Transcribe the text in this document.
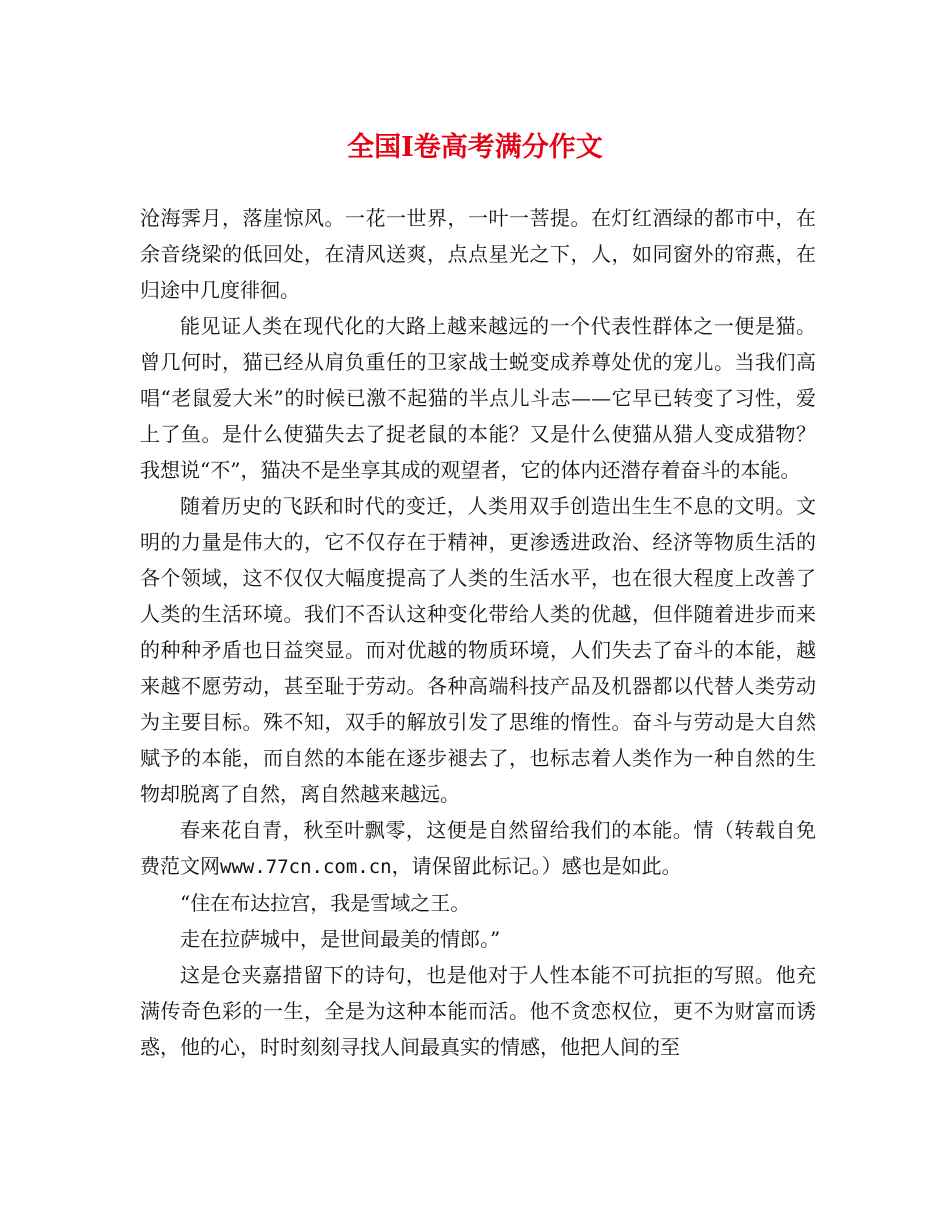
全国Ⅰ卷高考满分作文

沧海霁月，落崖惊风。一花一世界，一叶一菩提。在灯红酒绿的都市中，在余音绕梁的低回处，在清风送爽，点点星光之下，人，如同窗外的帘燕，在归途中几度徘徊。

能见证人类在现代化的大路上越来越远的一个代表性群体之一便是猫。曾几何时，猫已经从肩负重任的卫家战士蜕变成养尊处优的宠儿。当我们高唱“老鼠爱大米”的时候已激不起猫的半点儿斗志——它早已转变了习性，爱上了鱼。是什么使猫失去了捉老鼠的本能？又是什么使猫从猎人变成猎物？我想说“不”，猫决不是坐享其成的观望者，它的体内还潜存着奋斗的本能。

随着历史的飞跃和时代的变迁，人类用双手创造出生生不息的文明。文明的力量是伟大的，它不仅存在于精神，更渗透进政治、经济等物质生活的各个领域，这不仅仅大幅度提高了人类的生活水平，也在很大程度上改善了人类的生活环境。我们不否认这种变化带给人类的优越，但伴随着进步而来的种种矛盾也日益突显。而对优越的物质环境，人们失去了奋斗的本能，越来越不愿劳动，甚至耻于劳动。各种高端科技产品及机器都以代替人类劳动为主要目标。殊不知，双手的解放引发了思维的惰性。奋斗与劳动是大自然赋予的本能，而自然的本能在逐步褪去了，也标志着人类作为一种自然的生物却脱离了自然，离自然越来越远。

春来花自青，秋至叶飘零，这便是自然留给我们的本能。情（转载自免费范文网www.77cn.com.cn，请保留此标记。）感也是如此。

“住在布达拉宫，我是雪域之王。

走在拉萨城中，是世间最美的情郎。”

这是仓夹嘉措留下的诗句，也是他对于人性本能不可抗拒的写照。他充满传奇色彩的一生，全是为这种本能而活。他不贪恋权位，更不为财富而诱惑，他的心，时时刻刻寻找人间最真实的情感，他把人间的至
